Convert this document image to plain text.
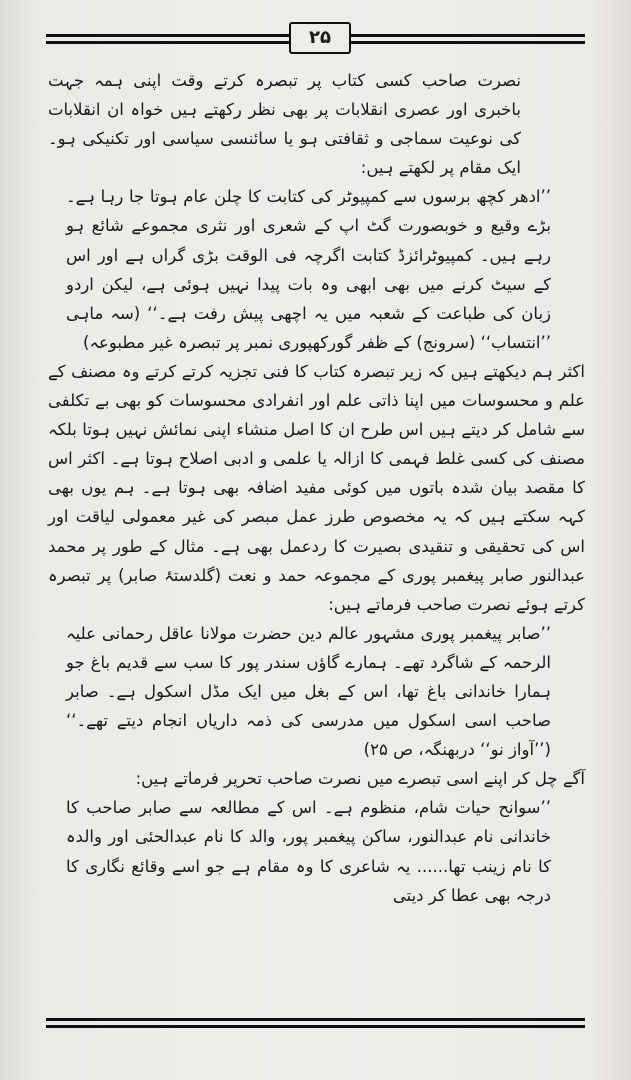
۲۵

نصرت صاحب کسی کتاب پر تبصرہ کرتے وقت اپنی ہمہ جہت باخبری اور عصری انقلابات پر بھی نظر رکھتے ہیں خواہ ان انقلابات کی نوعیت سماجی و ثقافتی ہو یا سائنسی سیاسی اور تکنیکی ہو۔ ایک مقام پر لکھتے ہیں:

’’ادھر کچھ برسوں سے کمپیوٹر کی کتابت کا چلن عام ہوتا جا رہا ہے۔ بڑے وقیع و خوبصورت گٹ اپ کے شعری اور نثری مجموعے شائع ہو رہے ہیں۔ کمپیوٹرائزڈ کتابت اگرچہ فی الوقت بڑی گراں ہے اور اس کے سیٹ کرنے میں بھی ابھی وہ بات پیدا نہیں ہوئی ہے، لیکن اردو زبان کی طباعت کے شعبہ میں یہ اچھی پیش رفت ہے۔‘‘ (سہ ماہی ’’انتساب‘‘ (سرونج) کے ظفر گورکھپوری نمبر پر تبصرہ غیر مطبوعہ)

اکثر ہم دیکھتے ہیں کہ زیر تبصرہ کتاب کا فنی تجزیہ کرتے کرتے وہ مصنف کے علم و محسوسات میں اپنا ذاتی علم اور انفرادی محسوسات کو بھی بے تکلفی سے شامل کر دیتے ہیں اس طرح ان کا اصل منشاء اپنی نمائش نہیں ہوتا بلکہ مصنف کی کسی غلط فہمی کا ازالہ یا علمی و ادبی اصلاح ہوتا ہے۔ اکثر اس کا مقصد بیان شدہ باتوں میں کوئی مفید اضافہ بھی ہوتا ہے۔ ہم یوں بھی کہہ سکتے ہیں کہ یہ مخصوص طرز عمل مبصر کی غیر معمولی لیاقت اور اس کی تحقیقی و تنقیدی بصیرت کا ردعمل بھی ہے۔ مثال کے طور پر محمد عبدالنور صابر پیغمبر پوری کے مجموعہ حمد و نعت (گلدستۂ صابر) پر تبصرہ کرتے ہوئے نصرت صاحب فرماتے ہیں:

’’صابر پیغمبر پوری مشہور عالم دین حضرت مولانا عاقل رحمانی علیہ الرحمہ کے شاگرد تھے۔ ہمارے گاؤں سندر پور کا سب سے قدیم باغ جو ہمارا خاندانی باغ تھا، اس کے بغل میں ایک مڈل اسکول ہے۔ صابر صاحب اسی اسکول میں مدرسی کی ذمہ داریاں انجام دیتے تھے۔‘‘ (’’آواز نو‘‘ دربھنگہ، ص ۲۵)

آگے چل کر اپنے اسی تبصرے میں نصرت صاحب تحریر فرماتے ہیں:

’’سوانح حیات شام، منظوم ہے۔ اس کے مطالعہ سے صابر صاحب کا خاندانی نام عبدالنور، ساکن پیغمبر پور، والد کا نام عبدالحئی اور والدہ کا نام زینب تھا...... یہ شاعری کا وہ مقام ہے جو اسے وقائع نگاری کا درجہ بھی عطا کر دیتی
